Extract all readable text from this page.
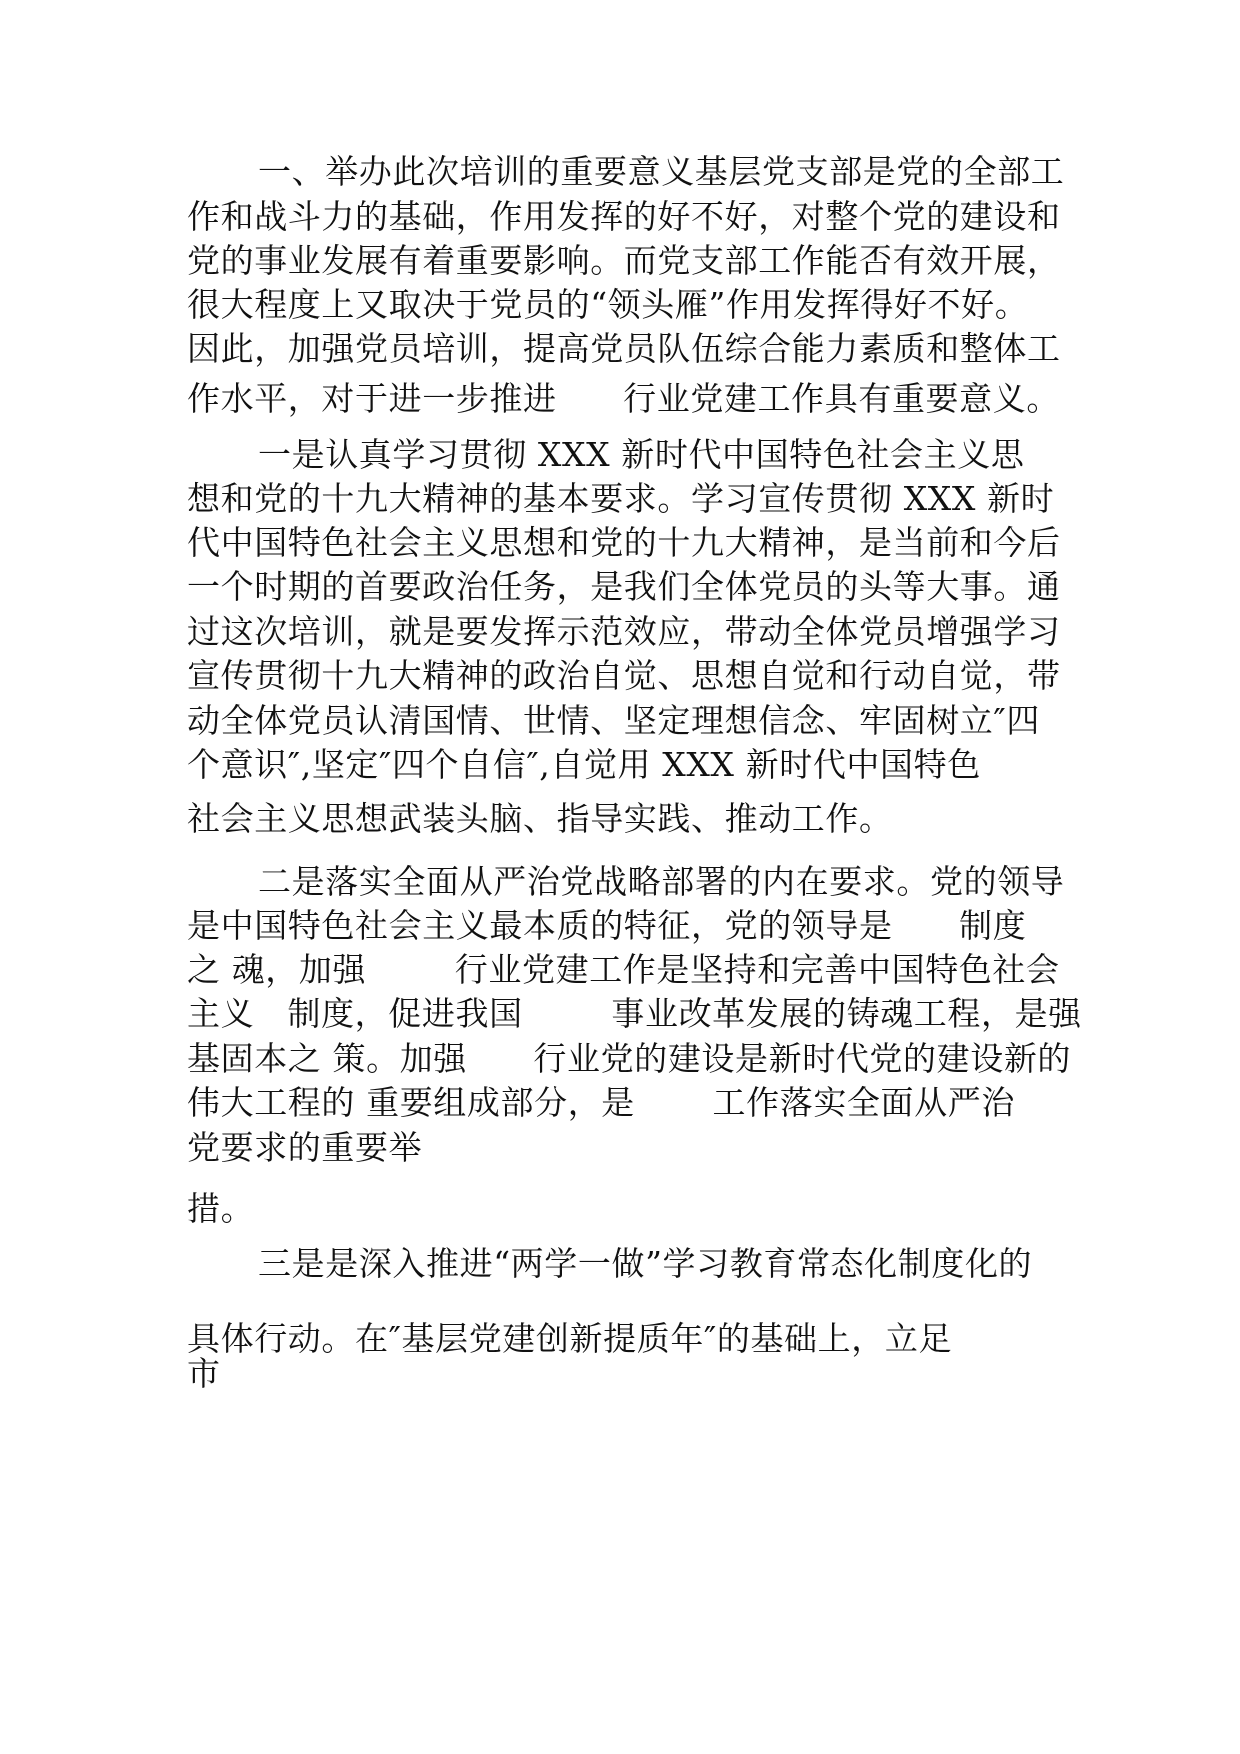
一、举办此次培训的重要意义基层党支部是党的全部工
作和战斗力的基础，作用发挥的好不好，对整个党的建设和
党的事业发展有着重要影响。而党支部工作能否有效开展，
很大程度上又取决于党员的“领头雁”作用发挥得好不好。
因此，加强党员培训，提高党员队伍综合能力素质和整体工
作水平，对于进一步推进      行业党建工作具有重要意义。
一是认真学习贯彻 XXX 新时代中国特色社会主义思
想和党的十九大精神的基本要求。学习宣传贯彻 XXX 新时
代中国特色社会主义思想和党的十九大精神，是当前和今后
一个时期的首要政治任务，是我们全体党员的头等大事。通
过这次培训，就是要发挥示范效应，带动全体党员增强学习
宣传贯彻十九大精神的政治自觉、思想自觉和行动自觉，带
动全体党员认清国情、世情、坚定理想信念、牢固树立″四
个意识″,坚定″四个自信″,自觉用 XXX 新时代中国特色
社会主义思想武装头脑、指导实践、推动工作。
二是落实全面从严治党战略部署的内在要求。党的领导
是中国特色社会主义最本质的特征，党的领导是      制度
之 魂，加强        行业党建工作是坚持和完善中国特色社会
主义   制度，促进我国        事业改革发展的铸魂工程，是强
基固本之 策。加强      行业党的建设是新时代党的建设新的
伟大工程的 重要组成部分，是       工作落实全面从严治
党要求的重要举
措。
三是是深入推进“两学一做”学习教育常态化制度化的
具体行动。在″基层党建创新提质年″的基础上，立足
市
